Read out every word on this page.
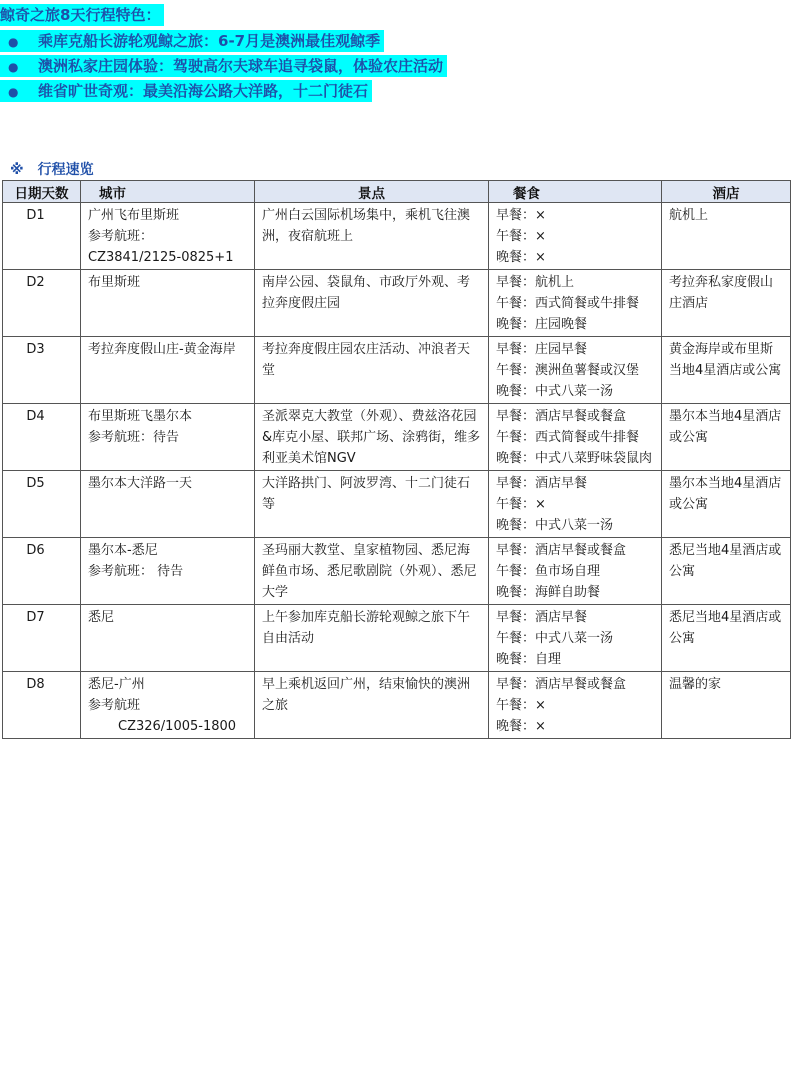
鲸奇之旅8天行程特色：
● 乘库克船长游轮观鲸之旅：6-7月是澳洲最佳观鲸季
● 澳洲私家庄园体验：驾驶高尔夫球车追寻袋鼠，体验农庄活动
● 维省旷世奇观：最美沿海公路大洋路，十二门徒石
※ 行程速览
日期天数	城市	景点	餐食	酒店
D1	广州飞布里斯班
参考航班：
CZ3841/2125-0825+1	广州白云国际机场集中，乘机飞往澳洲，夜宿航班上	早餐：×
午餐：×
晚餐：×	航机上
D2	布里斯班	南岸公园、袋鼠角、市政厅外观、考拉奔度假庄园	早餐：航机上
午餐：西式简餐或牛排餐
晚餐：庄园晚餐	考拉奔私家度假山庄酒店
D3	考拉奔度假山庄-黄金海岸	考拉奔度假庄园农庄活动、冲浪者天堂	早餐：庄园早餐
午餐：澳洲鱼薯餐或汉堡
晚餐：中式八菜一汤	黄金海岸或布里斯当地4星酒店或公寓
D4	布里斯班飞墨尔本
参考航班：待告	圣派翠克大教堂（外观）、费兹洛花园&库克小屋、联邦广场、涂鸦街，维多利亚美术馆NGV	早餐：酒店早餐或餐盒
午餐：西式简餐或牛排餐
晚餐：中式八菜野味袋鼠肉	墨尔本当地4星酒店或公寓
D5	墨尔本大洋路一天	大洋路拱门、阿波罗湾、十二门徒石等	早餐：酒店早餐
午餐：×
晚餐：中式八菜一汤	墨尔本当地4星酒店或公寓
D6	墨尔本-悉尼
参考航班： 待告	圣玛丽大教堂、皇家植物园、悉尼海鲜鱼市场、悉尼歌剧院（外观）、悉尼大学	早餐：酒店早餐或餐盒
午餐：鱼市场自理
晚餐：海鲜自助餐	悉尼当地4星酒店或公寓
D7	悉尼	上午参加库克船长游轮观鲸之旅下午自由活动	早餐：酒店早餐
午餐：中式八菜一汤
晚餐：自理	悉尼当地4星酒店或公寓
D8	悉尼-广州
参考航班
CZ326/1005-1800	早上乘机返回广州，结束愉快的澳洲之旅	早餐：酒店早餐或餐盒
午餐：×
晚餐：×	温馨的家
